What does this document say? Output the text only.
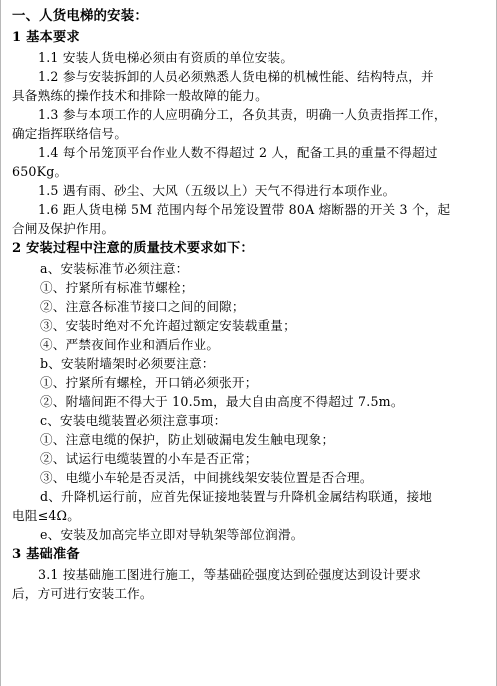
一、人货电梯的安装：
1 基本要求
1.1 安装人货电梯必须由有资质的单位安装。
1.2 参与安装拆卸的人员必须熟悉人货电梯的机械性能、结构特点，并
具备熟练的操作技术和排除一般故障的能力。
1.3 参与本项工作的人应明确分工，各负其责，明确一人负责指挥工作，
确定指挥联络信号。
1.4 每个吊笼顶平台作业人数不得超过 2 人，配备工具的重量不得超过
650Kg。
1.5 遇有雨、砂尘、大风（五级以上）天气不得进行本项作业。
1.6 距人货电梯 5M 范围内每个吊笼设置带 80A 熔断器的开关 3 个，起
合闸及保护作用。
2 安装过程中注意的质量技术要求如下：
a、安装标准节必须注意：
①、拧紧所有标准节螺栓；
②、注意各标准节接口之间的间隙；
③、安装时绝对不允许超过额定安装载重量；
④、严禁夜间作业和酒后作业。
b、安装附墙架时必须要注意：
①、拧紧所有螺栓，开口销必须张开；
②、附墙间距不得大于 10.5m，最大自由高度不得超过 7.5m。
c、安装电缆装置必须注意事项：
①、注意电缆的保护，防止划破漏电发生触电现象；
②、试运行电缆装置的小车是否正常；
③、电缆小车轮是否灵活，中间挑线架安装位置是否合理。
d、升降机运行前，应首先保证接地装置与升降机金属结构联通，接地
电阻≤4Ω。
e、安装及加高完毕立即对导轨架等部位润滑。
3 基础准备
3.1 按基础施工图进行施工，等基础砼强度达到砼强度达到设计要求
后，方可进行安装工作。
